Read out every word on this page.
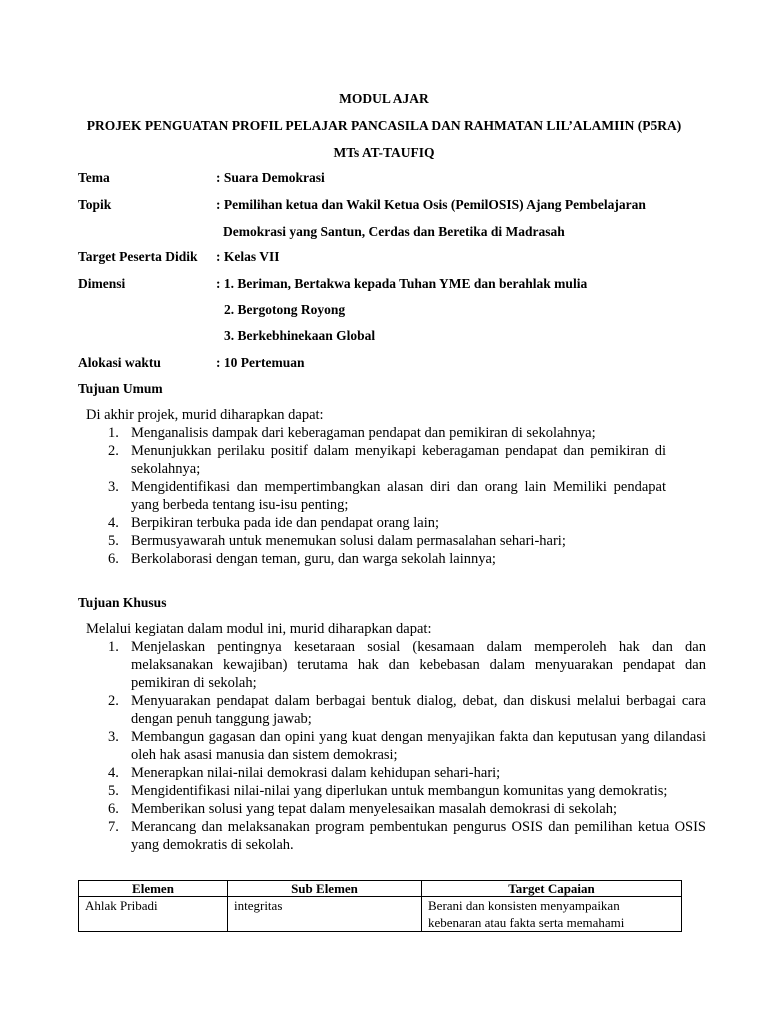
MODUL AJAR
PROJEK PENGUATAN PROFIL PELAJAR PANCASILA DAN RAHMATAN LIL’ALAMIIN (P5RA)
MTs AT-TAUFIQ
Tema	: Suara Demokrasi
Topik	: Pemilihan ketua dan Wakil Ketua Osis (PemilOSIS) Ajang Pembelajaran
Demokrasi yang Santun, Cerdas dan Beretika di Madrasah
Target Peserta Didik : Kelas VII
Dimensi	: 1. Beriman, Bertakwa kepada Tuhan YME dan berahlak mulia
2. Bergotong Royong
3. Berkebhinekaan Global
Alokasi waktu	: 10 Pertemuan
Tujuan Umum
Di akhir projek, murid diharapkan dapat:
1. Menganalisis dampak dari keberagaman pendapat dan pemikiran di sekolahnya;
2. Menunjukkan perilaku positif dalam menyikapi keberagaman pendapat dan pemikiran di sekolahnya;
3. Mengidentifikasi dan mempertimbangkan alasan diri dan orang lain Memiliki pendapat yang berbeda tentang isu-isu penting;
4. Berpikiran terbuka pada ide dan pendapat orang lain;
5. Bermusyawarah untuk menemukan solusi dalam permasalahan sehari-hari;
6. Berkolaborasi dengan teman, guru, dan warga sekolah lainnya;
Tujuan Khusus
Melalui kegiatan dalam modul ini, murid diharapkan dapat:
1. Menjelaskan pentingnya kesetaraan sosial (kesamaan dalam memperoleh hak dan dan melaksanakan kewajiban) terutama hak dan kebebasan dalam menyuarakan pendapat dan pemikiran di sekolah;
2. Menyuarakan pendapat dalam berbagai bentuk dialog, debat, dan diskusi melalui berbagai cara dengan penuh tanggung jawab;
3. Membangun gagasan dan opini yang kuat dengan menyajikan fakta dan keputusan yang dilandasi oleh hak asasi manusia dan sistem demokrasi;
4. Menerapkan nilai-nilai demokrasi dalam kehidupan sehari-hari;
5. Mengidentifikasi nilai-nilai yang diperlukan untuk membangun komunitas yang demokratis;
6. Memberikan solusi yang tepat dalam menyelesaikan masalah demokrasi di sekolah;
7. Merancang dan melaksanakan program pembentukan pengurus OSIS dan pemilihan ketua OSIS yang demokratis di sekolah.
Elemen	Sub Elemen	Target Capaian
Ahlak Pribadi	integritas	Berani dan konsisten menyampaikan kebenaran atau fakta serta memahami
